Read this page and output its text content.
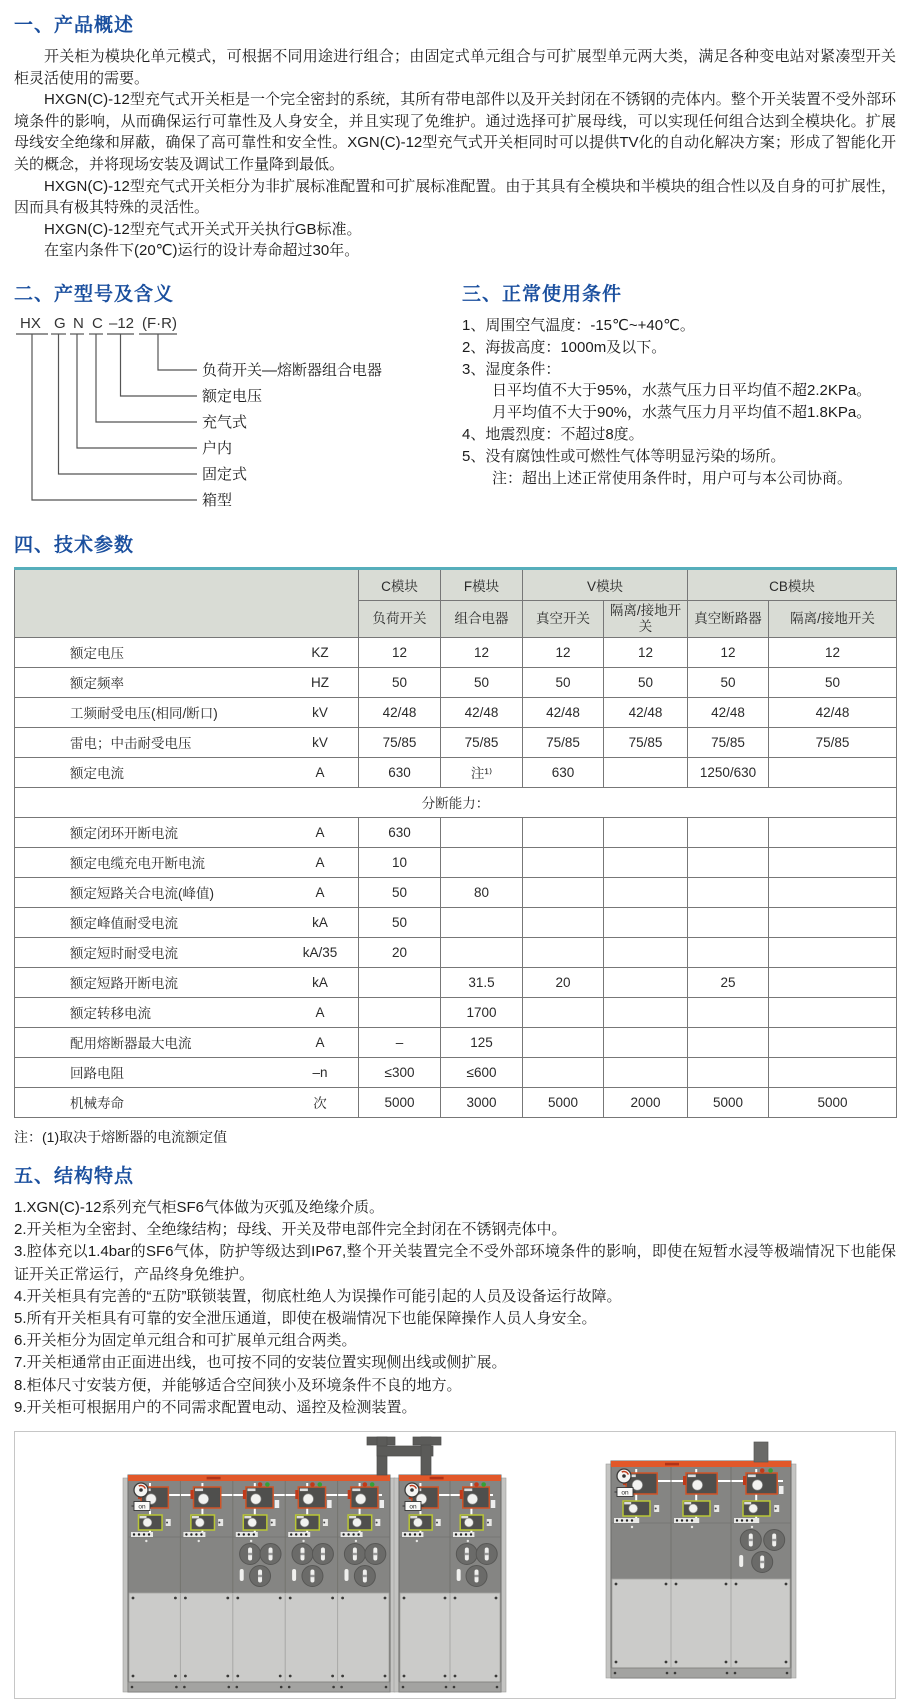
一、产品概述

开关柜为模块化单元模式，可根据不同用途进行组合；由固定式单元组合与可扩展型单元两大类，满足各种变电站对紧凑型开关柜灵活使用的需要。

HXGN(C)-12型充气式开关柜是一个完全密封的系统，其所有带电部件以及开关封闭在不锈钢的壳体内。整个开关装置不受外部环境条件的影响，从而确保运行可靠性及人身安全，并且实现了免维护。通过选择可扩展母线，可以实现任何组合达到全模块化。扩展母线安全绝缘和屏蔽，确保了高可靠性和安全性。XGN(C)-12型充气式开关柜同时可以提供TV化的自动化解决方案；形成了智能化开关的概念，并将现场安装及调试工作量降到最低。

HXGN(C)-12型充气式开关柜分为非扩展标准配置和可扩展标准配置。由于其具有全模块和半模块的组合性以及自身的可扩展性，因而具有极其特殊的灵活性。

HXGN(C)-12型充气式开关式开关执行GB标准。

在室内条件下(20℃)运行的设计寿命超过30年。

二、产型号及含义
HX G N C –12 (F·R)
负荷开关—熔断器组合电器
额定电压
充气式
户内
固定式
箱型
三、正常使用条件
1、周围空气温度：-15℃~+40℃。
2、海拔高度：1000m及以下。
3、湿度条件：
日平均值不大于95%，水蒸气压力日平均值不超2.2KPa。
月平均值不大于90%，水蒸气压力月平均值不超1.8KPa。
4、地震烈度：不超过8度。
5、没有腐蚀性或可燃性气体等明显污染的场所。
注：超出上述正常使用条件时，用户可与本公司协商。
四、技术参数
	C模块	F模块	V模块		CB模块	
	负荷开关	组合电器	真空开关	隔离/接地开关	真空断路器	隔离/接地开关

额定电压 KZ	12	12	12	12	12	12

额定频率 HZ	50	50	50	50	50	50

工频耐受电压(相同/断口) kV	42/48	42/48	42/48	42/48	42/48	42/48

雷电；中击耐受电压 kV	75/85	75/85	75/85	75/85	75/85	75/85

额定电流 A	630	注¹⁾	630		1250/630	
分断能力：						

额定闭环开断电流 A	630					

额定电缆充电开断电流 A	10					

额定短路关合电流(峰值) A	50	80				

额定峰值耐受电流 kA	50					

额定短时耐受电流 kA/35	20					

额定短路开断电流 kA		31.5	20		25	

额定转移电流 A		1700				

配用熔断器最大电流 A	–	125				

回路电阻 –n	≤300	≤600				

机械寿命 次	5000	3000	5000	2000	5000	5000
注：(1)取决于熔断器的电流额定值
五、结构特点
1.XGN(C)-12系列充气柜SF6气体做为灭弧及绝缘介质。
2.开关柜为全密封、全绝缘结构；母线、开关及带电部件完全封闭在不锈钢壳体中。
3.腔体充以1.4bar的SF6气体，防护等级达到IP67,整个开关装置完全不受外部环境条件的影响，即使在短暂水浸等极端情况下也能保证开关正常运行，产品终身免维护。
4.开关柜具有完善的“五防”联锁装置，彻底杜绝人为误操作可能引起的人员及设备运行故障。
5.所有开关柜具有可靠的安全泄压通道，即使在极端情况下也能保障操作人员人身安全。
6.开关柜分为固定单元组合和可扩展单元组合两类。
7.开关柜通常由正面进出线，也可按不同的安装位置实现侧出线或侧扩展。
8.柜体尺寸安装方便，并能够适合空间狭小及环境条件不良的地方。
9.开关柜可根据用户的不同需求配置电动、遥控及检测装置。
on	on
on
